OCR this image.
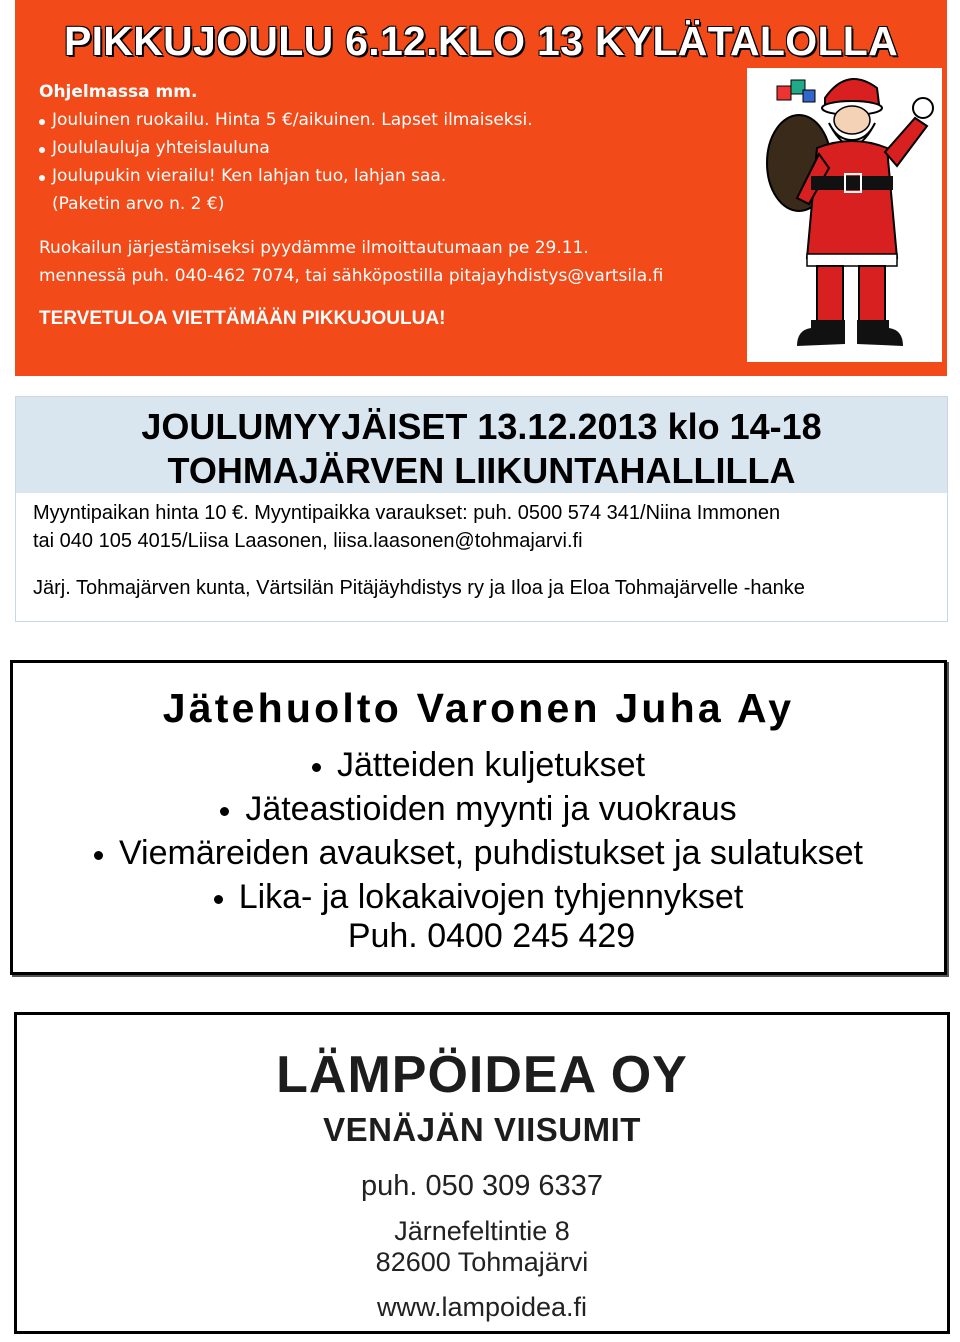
PIKKUJOULU 6.12.KLO 13 KYLÄTALOLLA
Ohjelmassa mm.
Jouluinen ruokailu. Hinta 5 €/aikuinen. Lapset ilmaiseksi.
Joululauluja yhteislauluna
Joulupukin vierailu! Ken lahjan tuo, lahjan saa.
(Paketin arvo n. 2 €)
Ruokailun järjestämiseksi pyydämme ilmoittautumaan pe 29.11.
mennessä puh. 040-462 7074, tai sähköpostilla pitajayhdistys@vartsila.fi
TERVETULOA VIETTÄMÄÄN PIKKUJOULUA!
JOULUMYYJÄISET 13.12.2013 klo 14-18
TOHMAJÄRVEN LIIKUNTAHALLILLA
Myyntipaikan hinta 10 €. Myyntipaikka varaukset: puh. 0500 574 341/Niina Immonen
tai 040 105 4015/Liisa Laasonen, liisa.laasonen@tohmajarvi.fi
Järj. Tohmajärven kunta, Värtsilän Pitäjäyhdistys ry ja Iloa ja Eloa Tohmajärvelle -hanke
Jätehuolto Varonen Juha Ay
Jätteiden kuljetukset
Jäteastioiden myynti ja vuokraus
Viemäreiden avaukset, puhdistukset ja sulatukset
Lika- ja lokakaivojen tyhjennykset
Puh. 0400 245 429
LÄMPÖIDEA OY
VENÄJÄN VIISUMIT
puh. 050 309 6337
Järnefeltintie 8
82600 Tohmajärvi
www.lampoidea.fi
